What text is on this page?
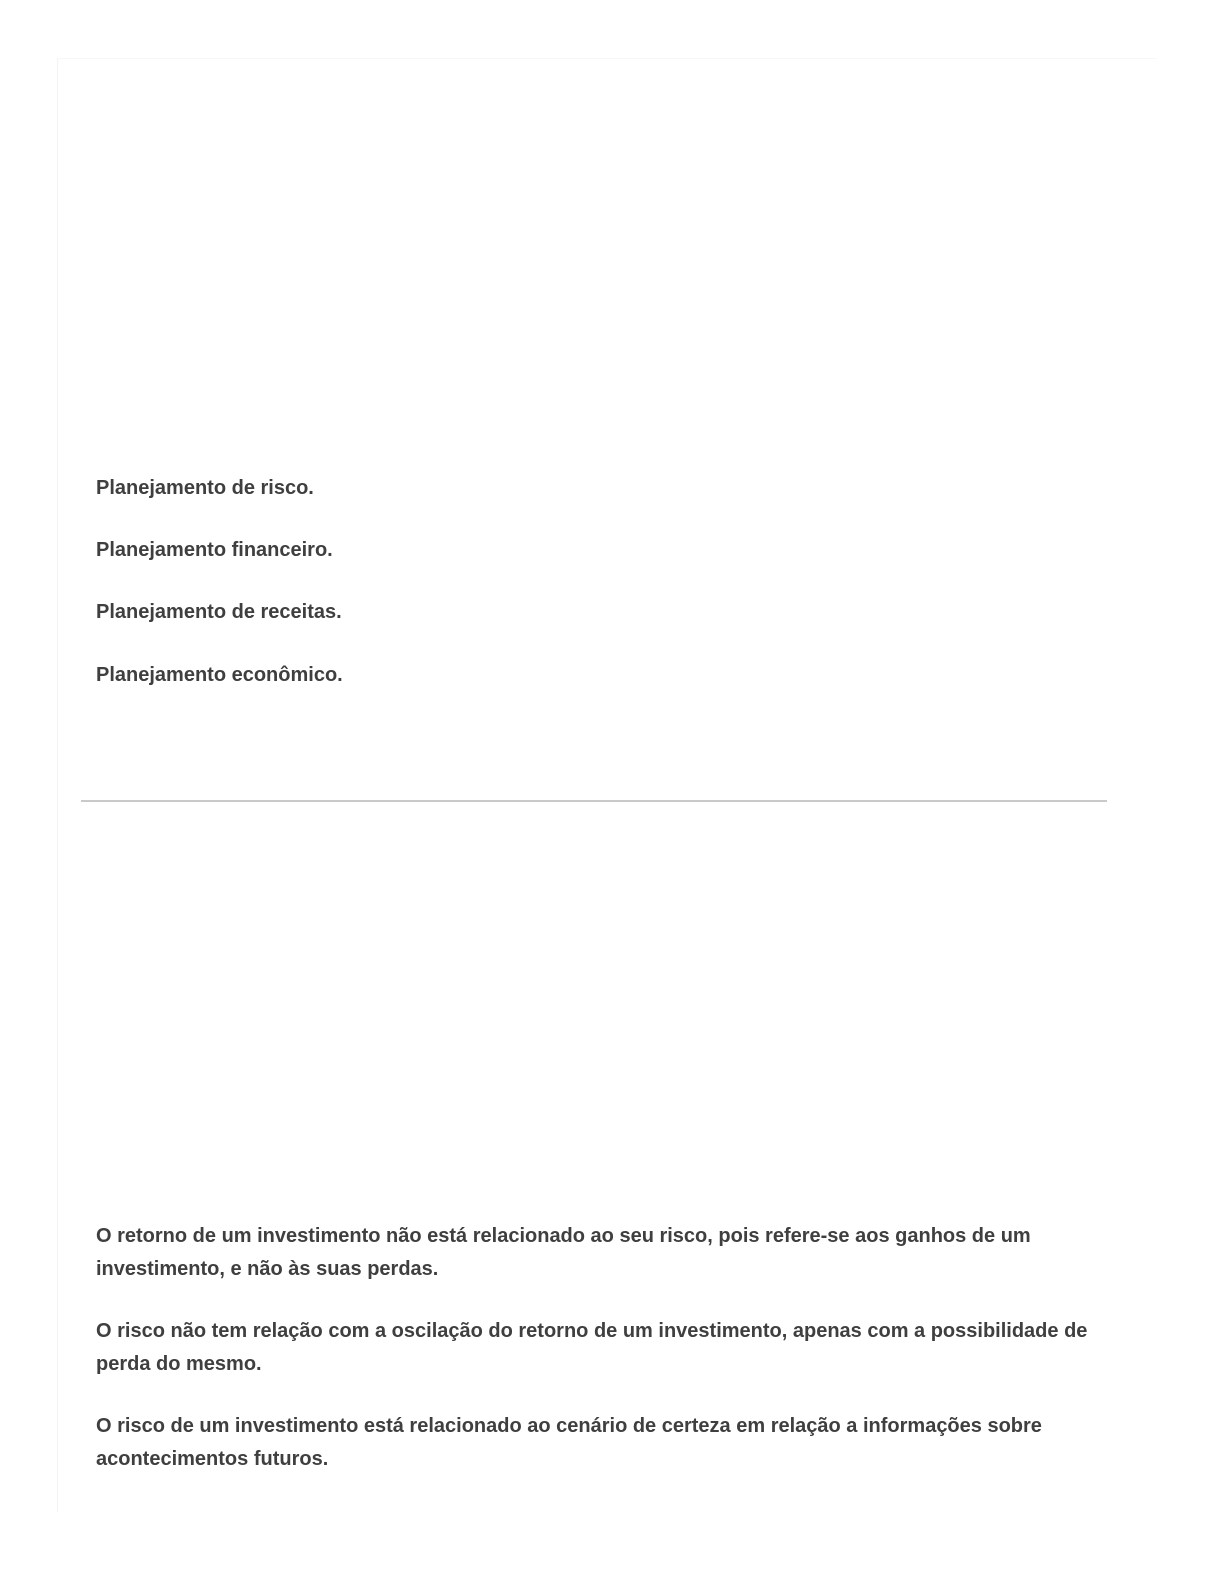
Planejamento de risco.

Planejamento financeiro.

Planejamento de receitas.

Planejamento econômico.

O retorno de um investimento não está relacionado ao seu risco, pois refere-se aos ganhos de um investimento, e não às suas perdas.

O risco não tem relação com a oscilação do retorno de um investimento, apenas com a possibilidade de perda do mesmo.

O risco de um investimento está relacionado ao cenário de certeza em relação a informações sobre acontecimentos futuros.
